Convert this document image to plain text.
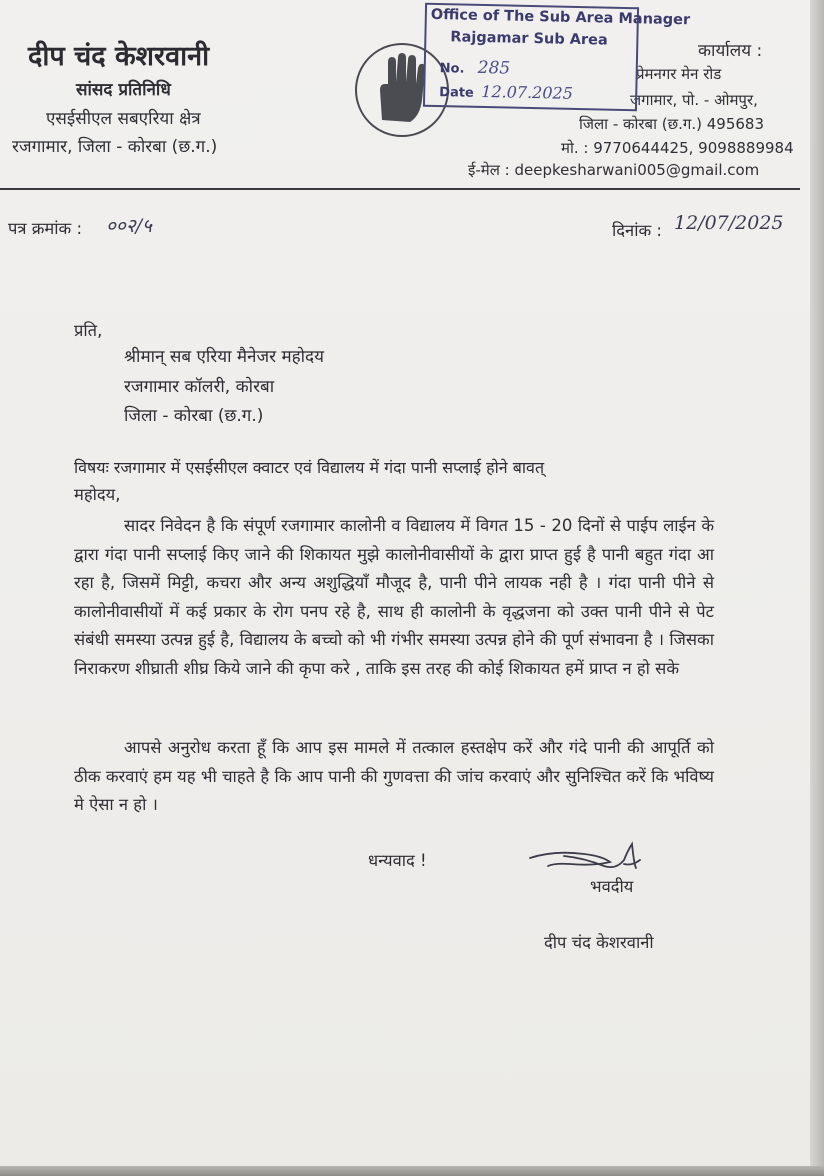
दीप चंद केशरवानी
सांसद प्रतिनिधि
एसईसीएल सबएरिया क्षेत्र
रजगामार, जिला - कोरबा (छ.ग.)
कार्यालय :
प्रेमनगर मेन रोड
जगामार, पो. - ओमपुर,
जिला - कोरबा (छ.ग.) 495683
मो. : 9770644425, 9098889984
ई-मेल : deepkesharwani005@gmail.com
Office of The Sub Area Manager
Rajgamar Sub Area
No. 285
Date 12.07.2025
पत्र क्रमांक : ००२/५	दिनांक : 12/07/2025
प्रति,
श्रीमान् सब एरिया मैनेजर महोदय
रजगामार कॉलरी, कोरबा
जिला - कोरबा (छ.ग.)
विषयः रजगामार में एसईसीएल क्वाटर एवं विद्यालय में गंदा पानी सप्लाई होने बावत्
महोदय,
सादर निवेदन है कि संपूर्ण रजगामार कालोनी व विद्यालय में विगत 15 - 20 दिनों से पाईप लाईन के द्वारा गंदा पानी सप्लाई किए जाने की शिकायत मुझे कालोनीवासीयों के द्वारा प्राप्त हुई है पानी बहुत गंदा आ रहा है, जिसमें मिट्टी, कचरा और अन्य अशुद्धियाँ मौजूद है, पानी पीने लायक नही है । गंदा पानी पीने से कालोनीवासीयों में कई प्रकार के रोग पनप रहे है, साथ ही कालोनी के वृद्धजना को उक्त पानी पीने से पेट संबंधी समस्या उत्पन्न हुई है, विद्यालय के बच्चो को भी गंभीर समस्या उत्पन्न होने की पूर्ण संभावना है । जिसका निराकरण शीघ्राती शीघ्र किये जाने की कृपा करे , ताकि इस तरह की कोई शिकायत हमें प्राप्त न हो सके
आपसे अनुरोध करता हूँ कि आप इस मामले में तत्काल हस्तक्षेप करें और गंदे पानी की आपूर्ति को ठीक करवाएं हम यह भी चाहते है कि आप पानी की गुणवत्ता की जांच करवाएं और सुनिश्चित करें कि भविष्य मे ऐसा न हो ।
धन्यवाद !
भवदीय
दीप चंद केशरवानी
